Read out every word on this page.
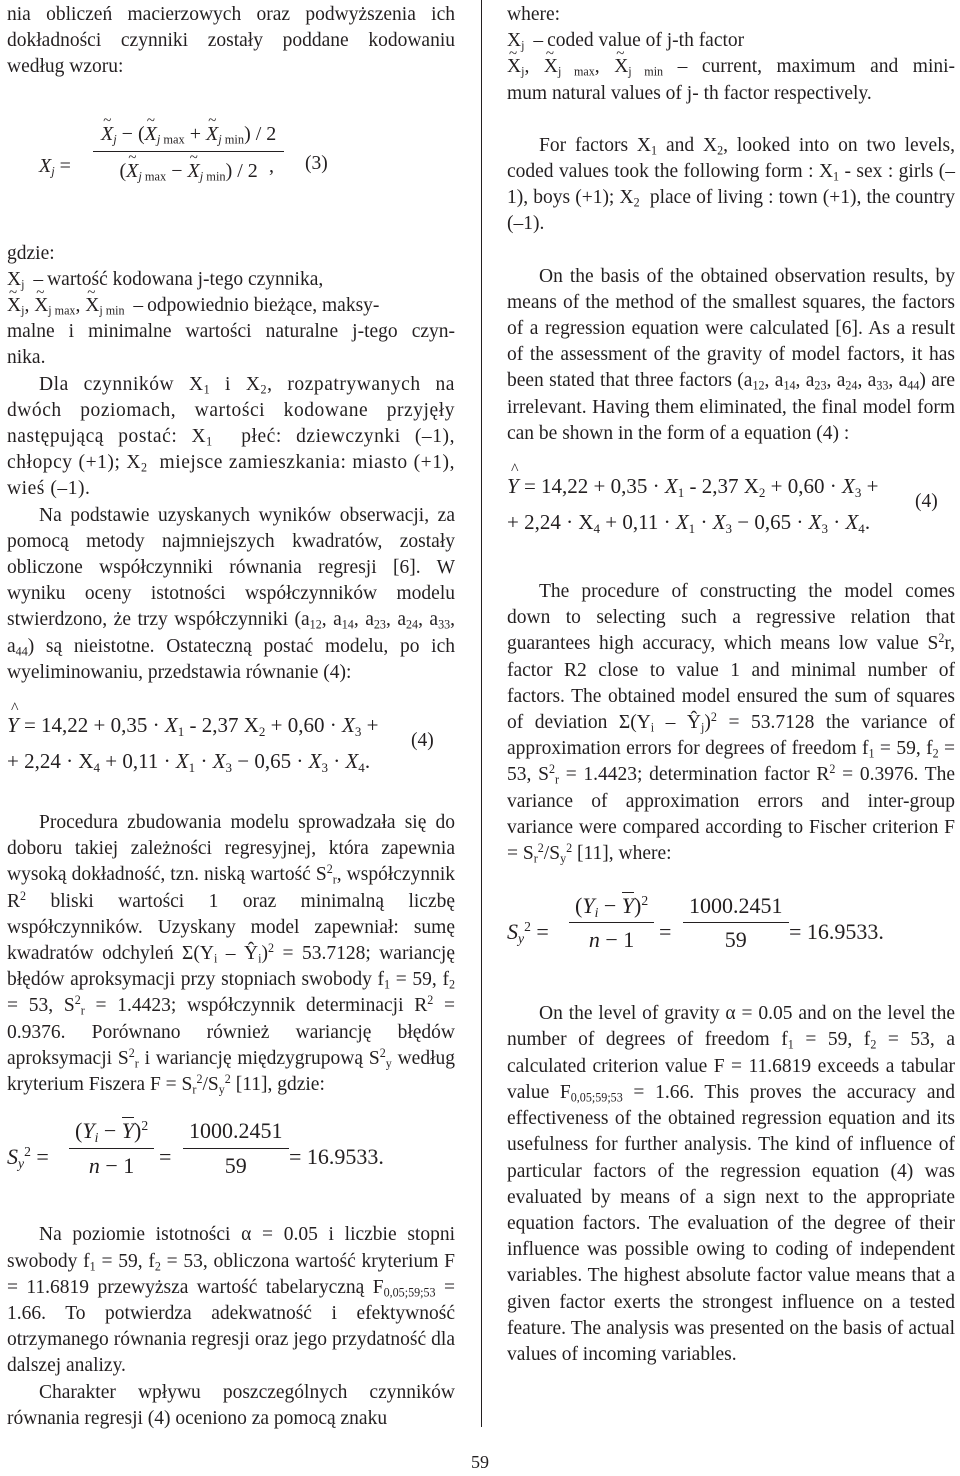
nia obliczeń macierzowych oraz podwyższenia ich
dokładności czynniki zostały poddane kodowaniu
według wzoru:
$X_j$ =
~ $X_j$ − (~ $X_{j max}$ + ~ $X_{j min}) / 2$
(~ $X_{j max}$ − ~ $X_{j min}) / 2$ , (3)
gdzie:
$X_j$ – wartość kodowana j-tego czynnika,
~ $X_j$, ~ $X_{j max}$, ~ $X_{j min}$ – odpowiednio bieżące, maksy-
malne i minimalne wartości naturalne j-tego czyn-
nika.

Dla czynników $X_1$ i $X_2$, rozpatrywanych na dwóch poziomach, wartości kodowane przyjęły następującą postać: $X_1$  płeć: dziewczynki (–1), chłopcy (+1); $X_2$  miejsce zamieszkania: miasto (+1), wieś (–1).

Na podstawie uzyskanych wyników obserwacji, za pomocą metody najmniejszych kwadratów, zostały obliczone współczynniki równania regresji [6]. W wyniku oceny istotności współczynników modelu stwierdzono, że trzy współczynniki ($a_{12}$, $a_{14}$, $a_{23}$, $a_{24}$, $a_{33}$, $a_{44}$) są nieistotne. Ostateczną postać modelu, po ich wyeliminowaniu, przedstawia równanie (4):

^ $Y = 14,22 + 0,35 \cdot X_1 - 2,37$ $X_2 + 0,60 \cdot X_3$ +
(4)
+ $2,24 \cdot X_4 + 0,11 \cdot X_1 \cdot X_3 - 0,65 \cdot X_3 \cdot X_4$.

Procedura zbudowania modelu sprowadzała się do doboru takiej zależności regresyjnej, która zapewnia wysoką dokładność, tzn. niską wartość $S^2_r$, współczynnik $R^2$ bliski wartości 1 oraz minimalną liczbę współczynników. Uzyskany model zapewniał: sumę kwadratów odchyleń $\Sigma(Y_i$ – $Ŷ_i)^2 = 53.7128$; wariancję błędów aproksymacji przy stopniach swobody $f_1 = 59$, $f_2 = 53$, $S^2_r = 1.4423$; współczynnik determinacji $R^2 = 0.9376$. Porównano również wariancję błędów aproksymacji $S^2_r$ i wariancję międzygrupową $S^2_y$ według kryterium Fiszera $F = S_r^2/S_y^2$ [11], gdzie:

$S_y^2$ =
$(Y_i - Y)^2$
n − 1	= $\frac{1000.2451}{59} = 16.9533$.

Na poziomie istotności α = 0.05 i liczbie stopni swobody $f_1 = 59$, $f_2 = 53$, obliczona wartość kryterium F = 11.6819 przewyższa wartość tabelaryczną $F_{0,05;59;53} = 1.66$. To potwierdza adekwatność i efektywność otrzymanego równania regresji oraz jego przydatność dla dalszej analizy.

Charakter wpływu poszczególnych czynników równania regresji (4) oceniono za pomocą znaku

where:
$X_j$ – coded value of j-th factor
~ $X_j$, ~ $X_{j max}$, ~ $X_{j min}$ – current, maximum and mini-
mum natural values of j- th factor respectively.

For factors $X_1$ and $X_2$, looked into on two levels, coded values took the following form : $X_1$ - sex : girls (–1), boys (+1); $X_2$  place of living : town (+1), the country (–1).

On the basis of the obtained observation results, by means of the method of the smallest squares, the factors of a regression equation were calculated [6]. As a result of the assessment of the gravity of model factors, it has been stated that three factors ($a_{12}$, $a_{14}$, $a_{23}$, $a_{24}$, $a_{33}$, $a_{44}$) are irrelevant. Having them eliminated, the final model form can be shown in the form of a equation (4) :

^ $Y = 14,22 + 0,35 \cdot X_1 - 2,37$ $X_2 + 0,60 \cdot X_3$ +
(4)
+ $2,24 \cdot X_4 + 0,11 \cdot X_1 \cdot X_3 - 0,65 \cdot X_3 \cdot X_4$.

The procedure of constructing the model comes down to selecting such a regressive relation that guarantees high accuracy, which means low value $S^2r$, factor R2 close to value 1 and minimal number of factors. The obtained model ensured the sum of squares of deviation $\Sigma(Y_i$ – $Ŷ_j)^2 = 53.7128$ the variance of approximation errors for degrees of freedom $f_1 = 59$, $f_2 = 53$, $S^2_r = 1.4423$; determination factor $R^2 = 0.3976$. The variance of approximation errors and inter-group variance were compared according to Fischer criterion $F = S_r^2/S_y^2$ [11], where:

$S_y^2$ =
$(Y_i - Y)^2$
n − 1	= $\frac{1000.2451}{59} = 16.9533$.

On the level of gravity α = 0.05 and on the level the number of degrees of freedom $f_1 = 59$, $f_2 = 53$, a calculated criterion value F = 11.6819 exceeds a tabular value $F_{0,05;59;53} = 1.66$. This proves the accuracy and effectiveness of the obtained regression equation and its usefulness for further analysis. The kind of influence of particular factors of the regression equation (4) was evaluated by means of a sign next to the appropriate equation factors. The evaluation of the degree of their influence was possible owing to coding of independent variables. The highest absolute factor value means that a given factor exerts the strongest influence on a tested feature. The analysis was presented on the basis of actual values of incoming variables.

59
